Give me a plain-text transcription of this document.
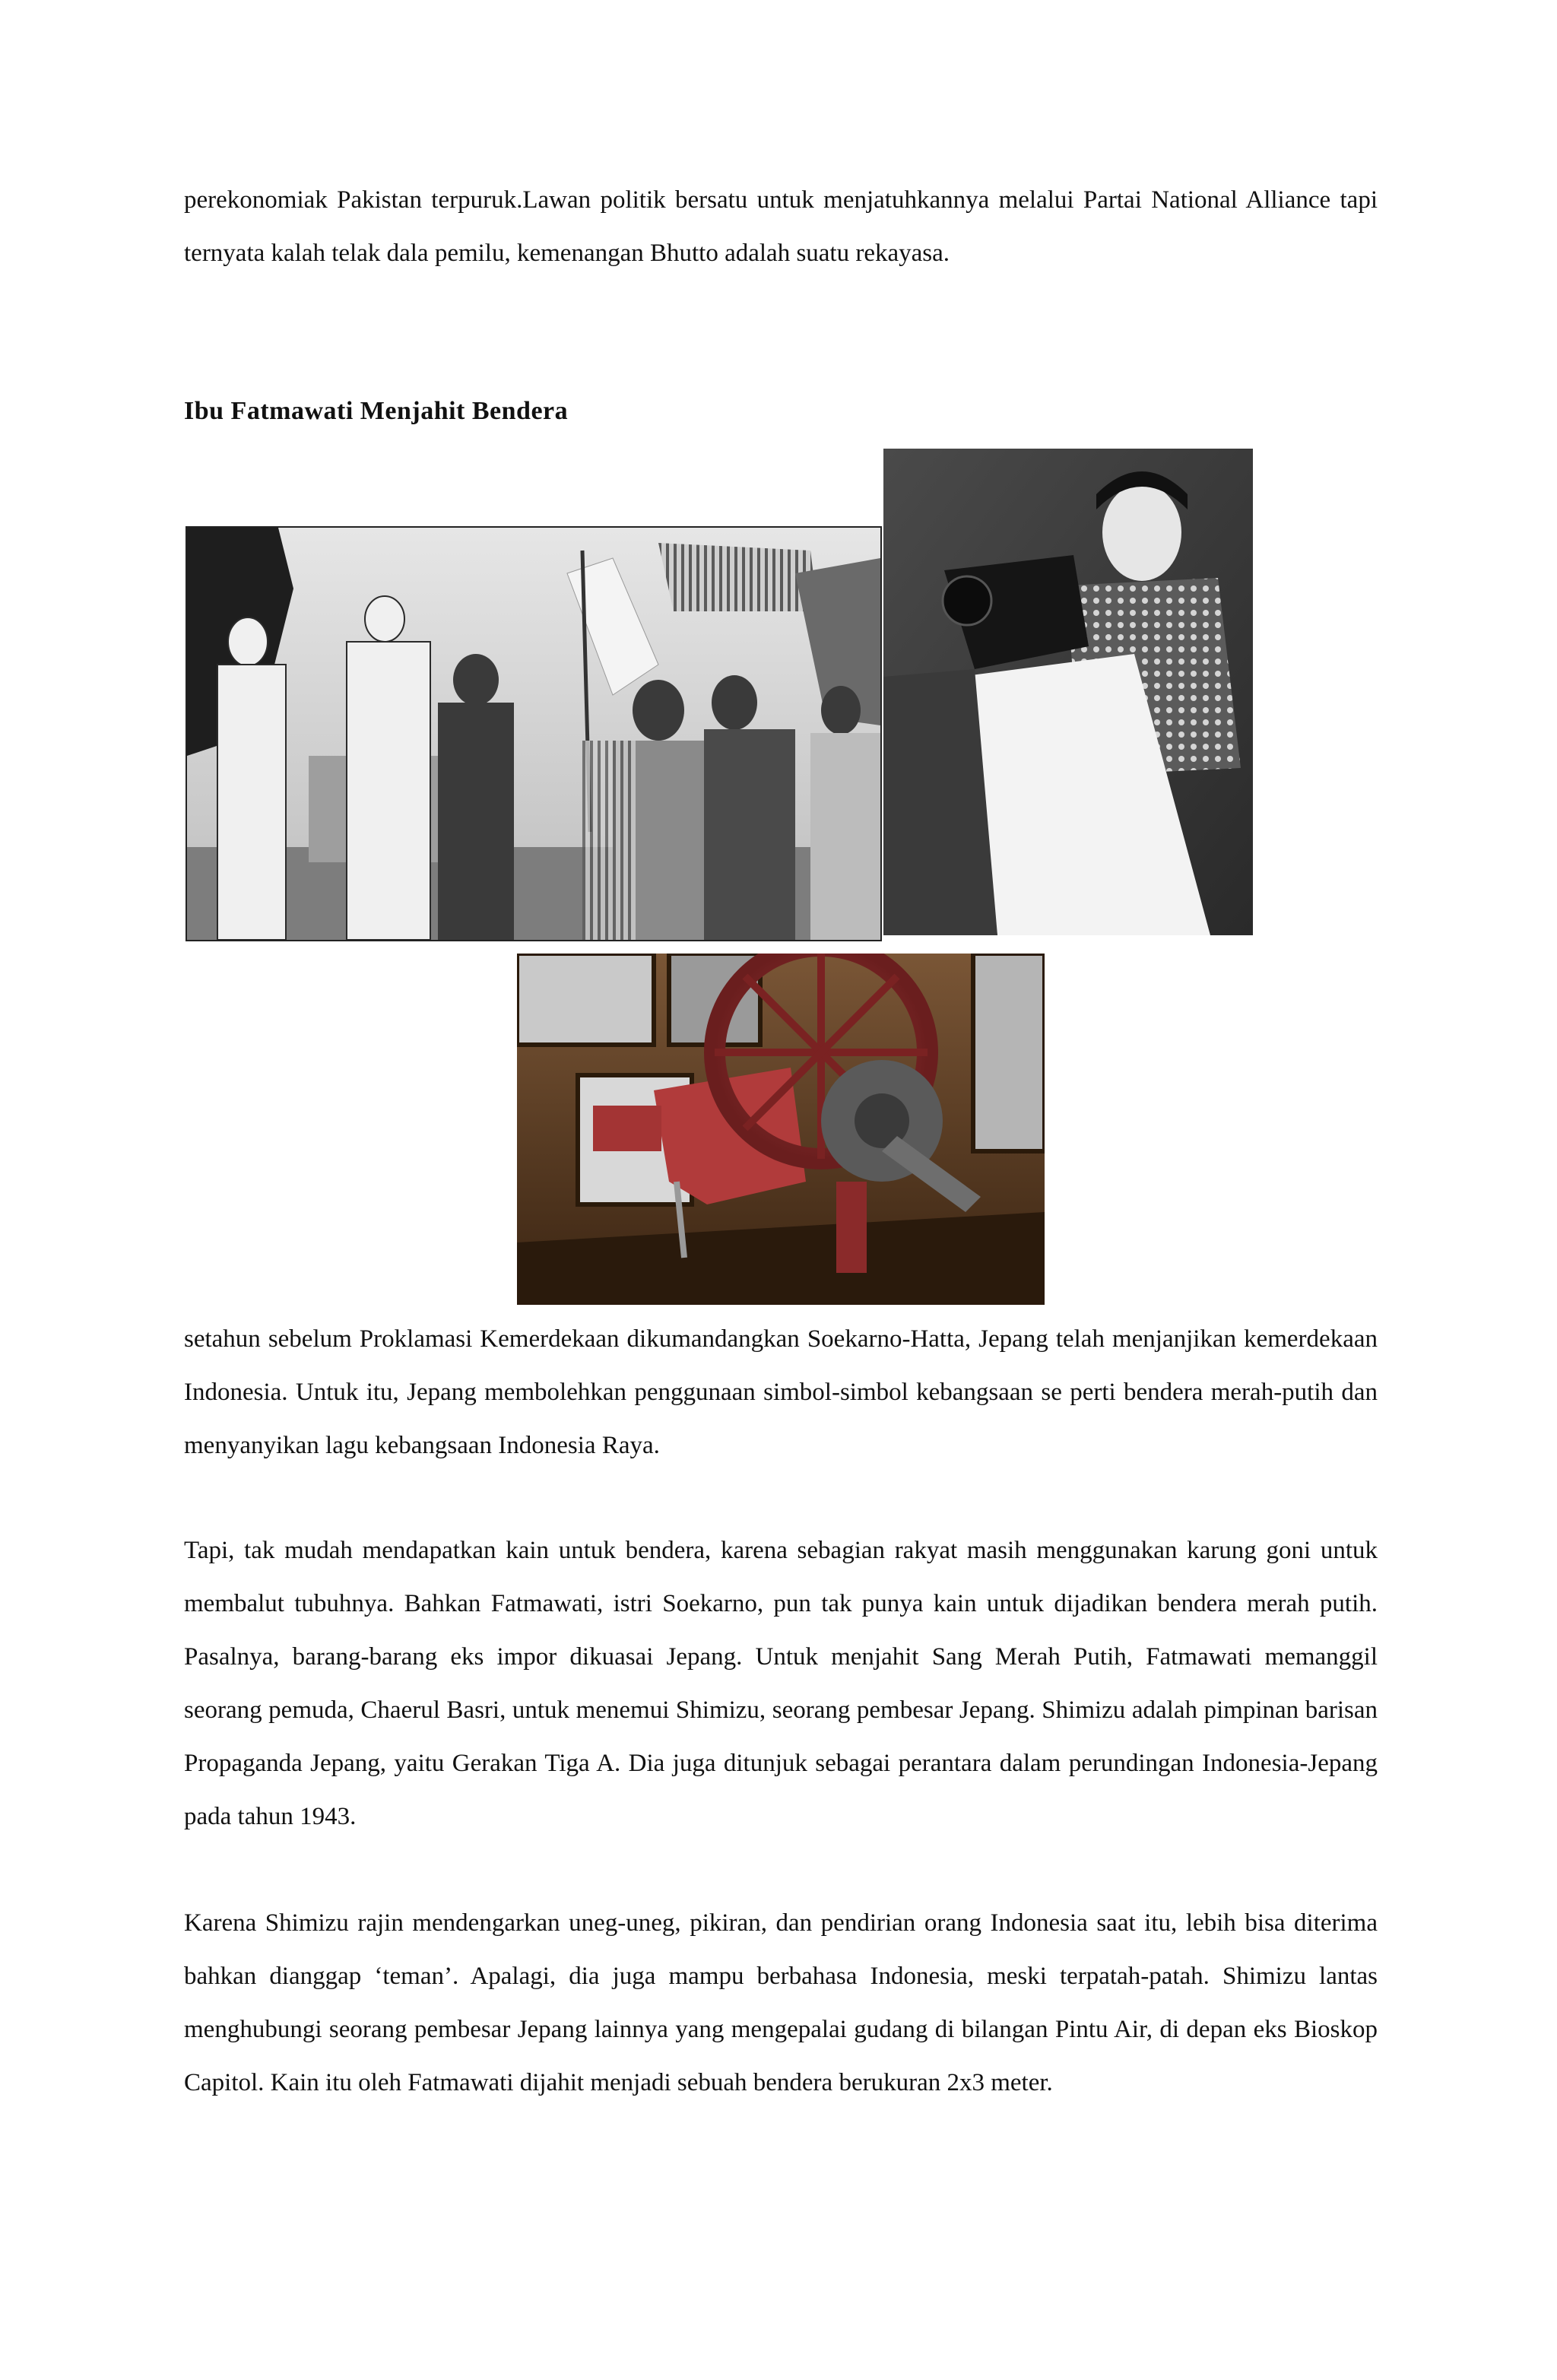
perekonomiak Pakistan terpuruk.Lawan politik bersatu untuk menjatuhkannya melalui Partai National Alliance tapi ternyata kalah telak dala pemilu, kemenangan Bhutto adalah suatu rekayasa.

Ibu Fatmawati Menjahit Bendera

setahun sebelum Proklamasi Kemerdekaan dikumandangkan Soekarno-Hatta, Jepang telah menjanjikan kemerdekaan Indonesia. Untuk itu, Jepang membolehkan penggunaan simbol-simbol kebangsaan se perti bendera merah-putih dan menyanyikan lagu kebangsaan Indonesia Raya.

Tapi, tak mudah mendapatkan kain untuk bendera, karena sebagian rakyat masih menggunakan karung goni untuk membalut tubuhnya. Bahkan Fatmawati, istri Soekarno, pun tak punya kain untuk dijadikan bendera merah putih. Pasalnya, barang-barang eks impor dikuasai Jepang. Untuk menjahit Sang Merah Putih, Fatmawati memanggil seorang pemuda, Chaerul Basri, untuk menemui Shimizu, seorang pembesar Jepang. Shimizu adalah pimpinan barisan Propaganda Jepang, yaitu Gerakan Tiga A. Dia juga ditunjuk sebagai perantara dalam perundingan Indonesia-Jepang pada tahun 1943.

Karena Shimizu rajin mendengarkan uneg-uneg, pikiran, dan pendirian orang Indonesia saat itu, lebih bisa diterima bahkan dianggap ‘teman’. Apalagi, dia juga mampu berbahasa Indonesia, meski terpatah-patah. Shimizu lantas menghubungi seorang pembesar Jepang lainnya yang mengepalai gudang di bilangan Pintu Air, di depan eks Bioskop Capitol. Kain itu oleh Fatmawati dijahit menjadi sebuah bendera berukuran 2x3 meter.
